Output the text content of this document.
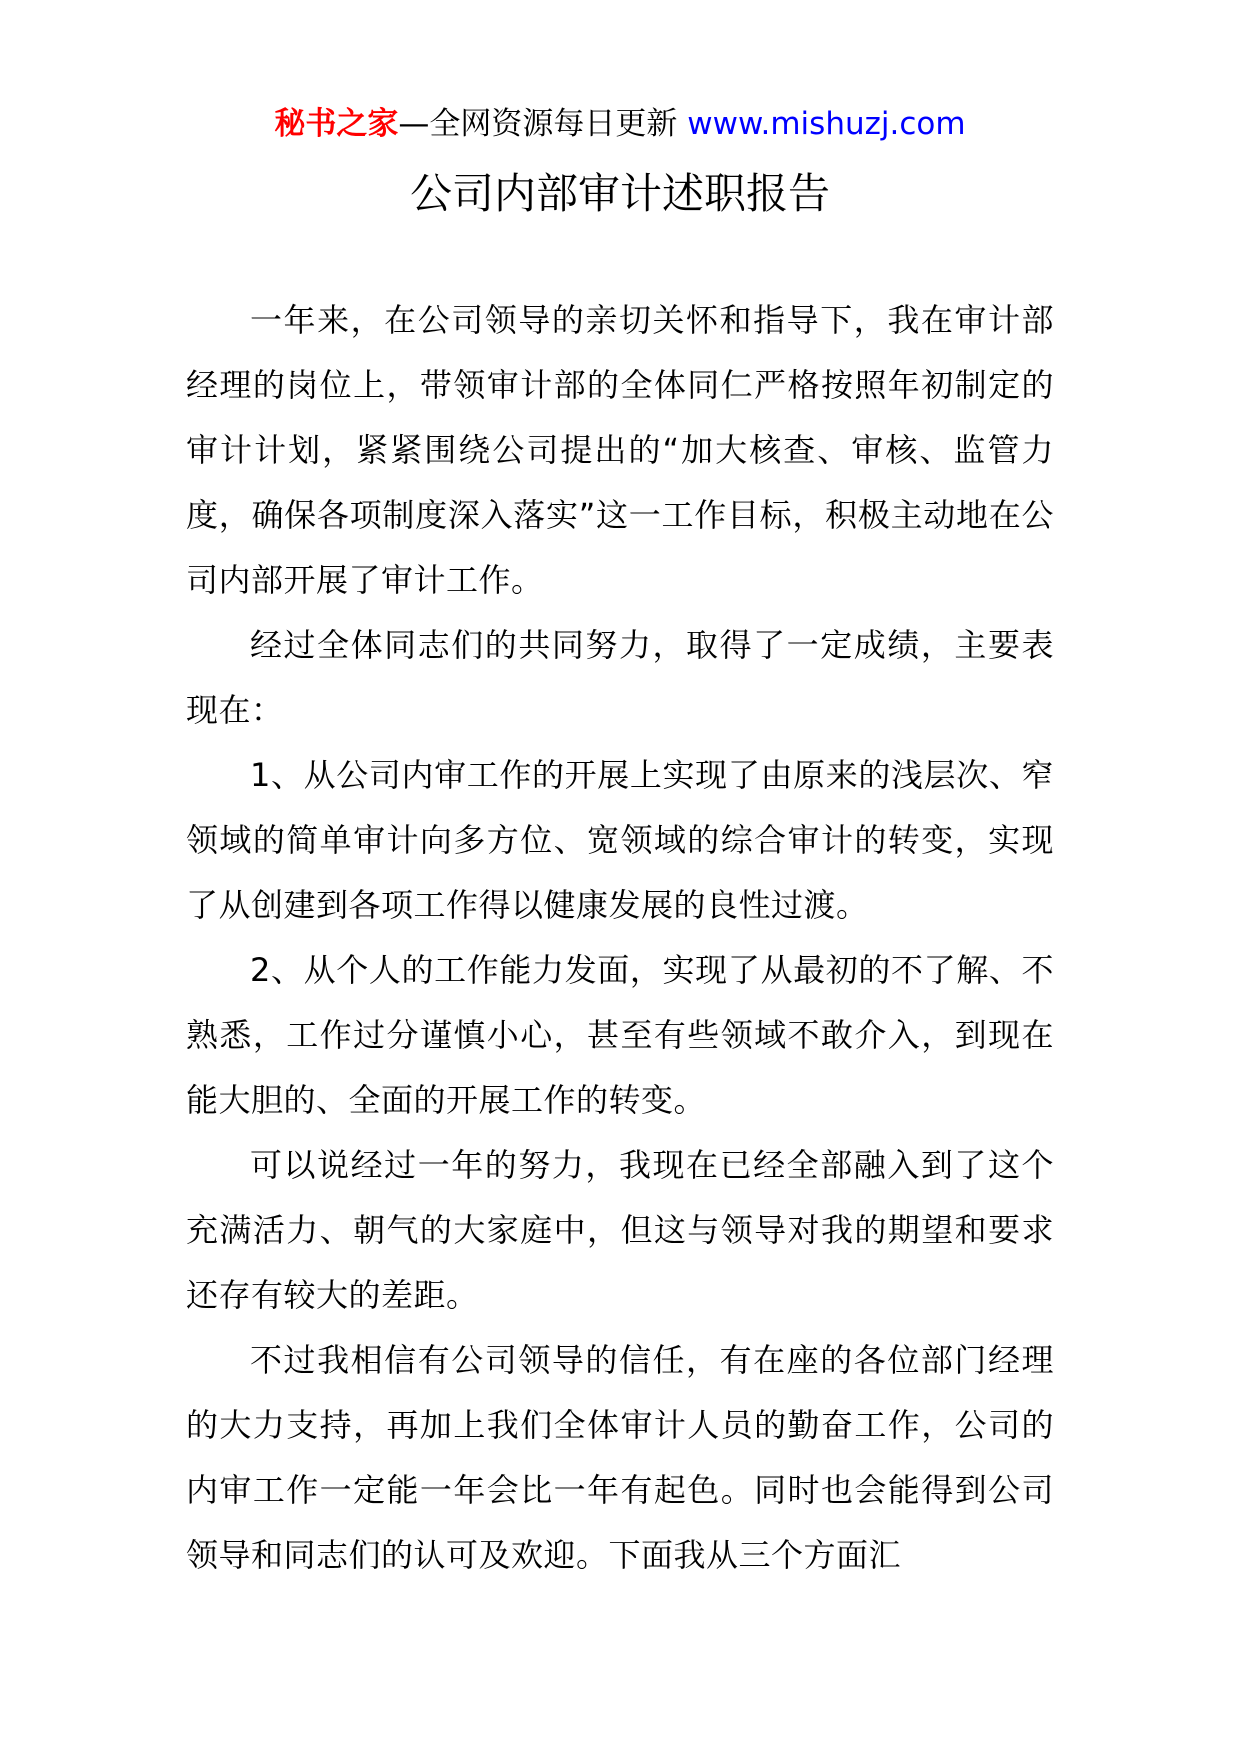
秘书之家—全网资源每日更新 www.mishuzj.com
公司内部审计述职报告

一年来，在公司领导的亲切关怀和指导下，我在审计部经理的岗位上，带领审计部的全体同仁严格按照年初制定的审计计划，紧紧围绕公司提出的“加大核查、审核、监管力度，确保各项制度深入落实”这一工作目标，积极主动地在公司内部开展了审计工作。

经过全体同志们的共同努力，取得了一定成绩，主要表现在：

1、从公司内审工作的开展上实现了由原来的浅层次、窄领域的简单审计向多方位、宽领域的综合审计的转变，实现了从创建到各项工作得以健康发展的良性过渡。

2、从个人的工作能力发面，实现了从最初的不了解、不熟悉，工作过分谨慎小心，甚至有些领域不敢介入，到现在能大胆的、全面的开展工作的转变。

可以说经过一年的努力，我现在已经全部融入到了这个充满活力、朝气的大家庭中，但这与领导对我的期望和要求还存有较大的差距。

不过我相信有公司领导的信任，有在座的各位部门经理的大力支持，再加上我们全体审计人员的勤奋工作，公司的内审工作一定能一年会比一年有起色。同时也会能得到公司领导和同志们的认可及欢迎。下面我从三个方面汇
